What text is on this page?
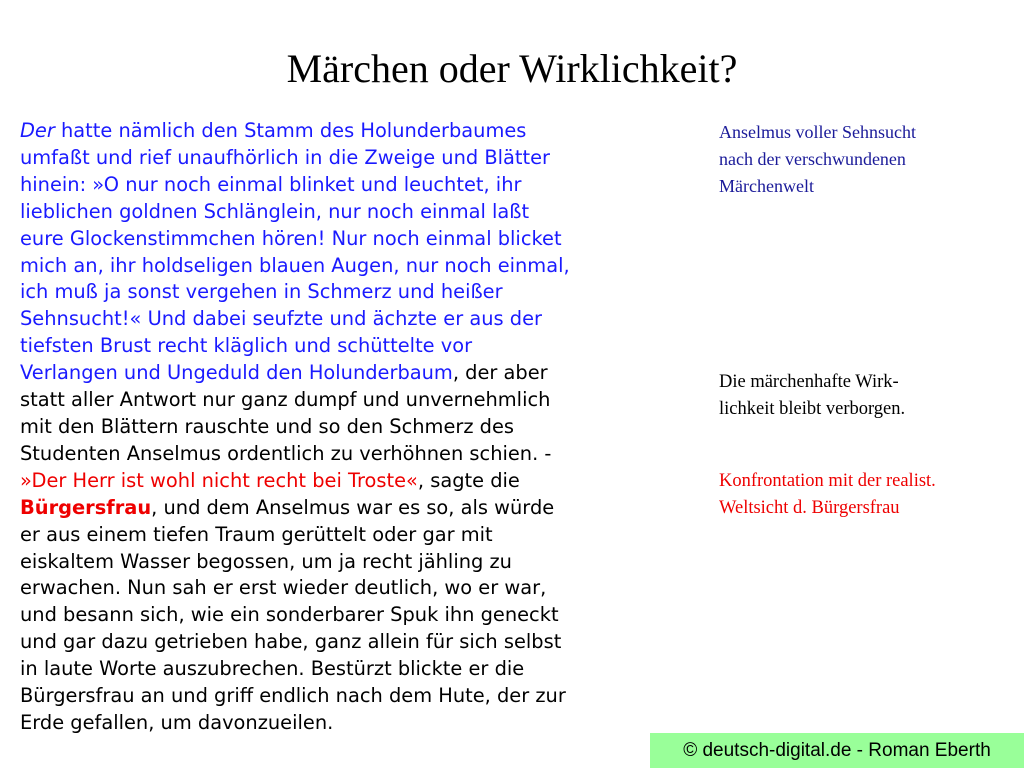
Märchen oder Wirklichkeit?
Der hatte nämlich den Stamm des Holunderbaumes
umfaßt und rief unaufhörlich in die Zweige und Blätter
hinein: »O nur noch einmal blinket und leuchtet, ihr
lieblichen goldnen Schlänglein, nur noch einmal laßt
eure Glockenstimmchen hören! Nur noch einmal blicket
mich an, ihr holdseligen blauen Augen, nur noch einmal,
ich muß ja sonst vergehen in Schmerz und heißer
Sehnsucht!« Und dabei seufzte und ächzte er aus der
tiefsten Brust recht kläglich und schüttelte vor
Verlangen und Ungeduld den Holunderbaum, der aber
statt aller Antwort nur ganz dumpf und unvernehmlich
mit den Blättern rauschte und so den Schmerz des
Studenten Anselmus ordentlich zu verhöhnen schien. -
»Der Herr ist wohl nicht recht bei Troste«, sagte die
Bürgersfrau, und dem Anselmus war es so, als würde
er aus einem tiefen Traum gerüttelt oder gar mit
eiskaltem Wasser begossen, um ja recht jähling zu
erwachen. Nun sah er erst wieder deutlich, wo er war,
und besann sich, wie ein sonderbarer Spuk ihn geneckt
und gar dazu getrieben habe, ganz allein für sich selbst
in laute Worte auszubrechen. Bestürzt blickte er die
Bürgersfrau an und griff endlich nach dem Hute, der zur
Erde gefallen, um davonzueilen.
Anselmus voller Sehnsucht
nach der verschwundenen
Märchenwelt
Die märchenhafte Wirk-
lichkeit bleibt verborgen.
Konfrontation mit der realist.
Weltsicht d. Bürgersfrau
© deutsch-digital.de - Roman Eberth
